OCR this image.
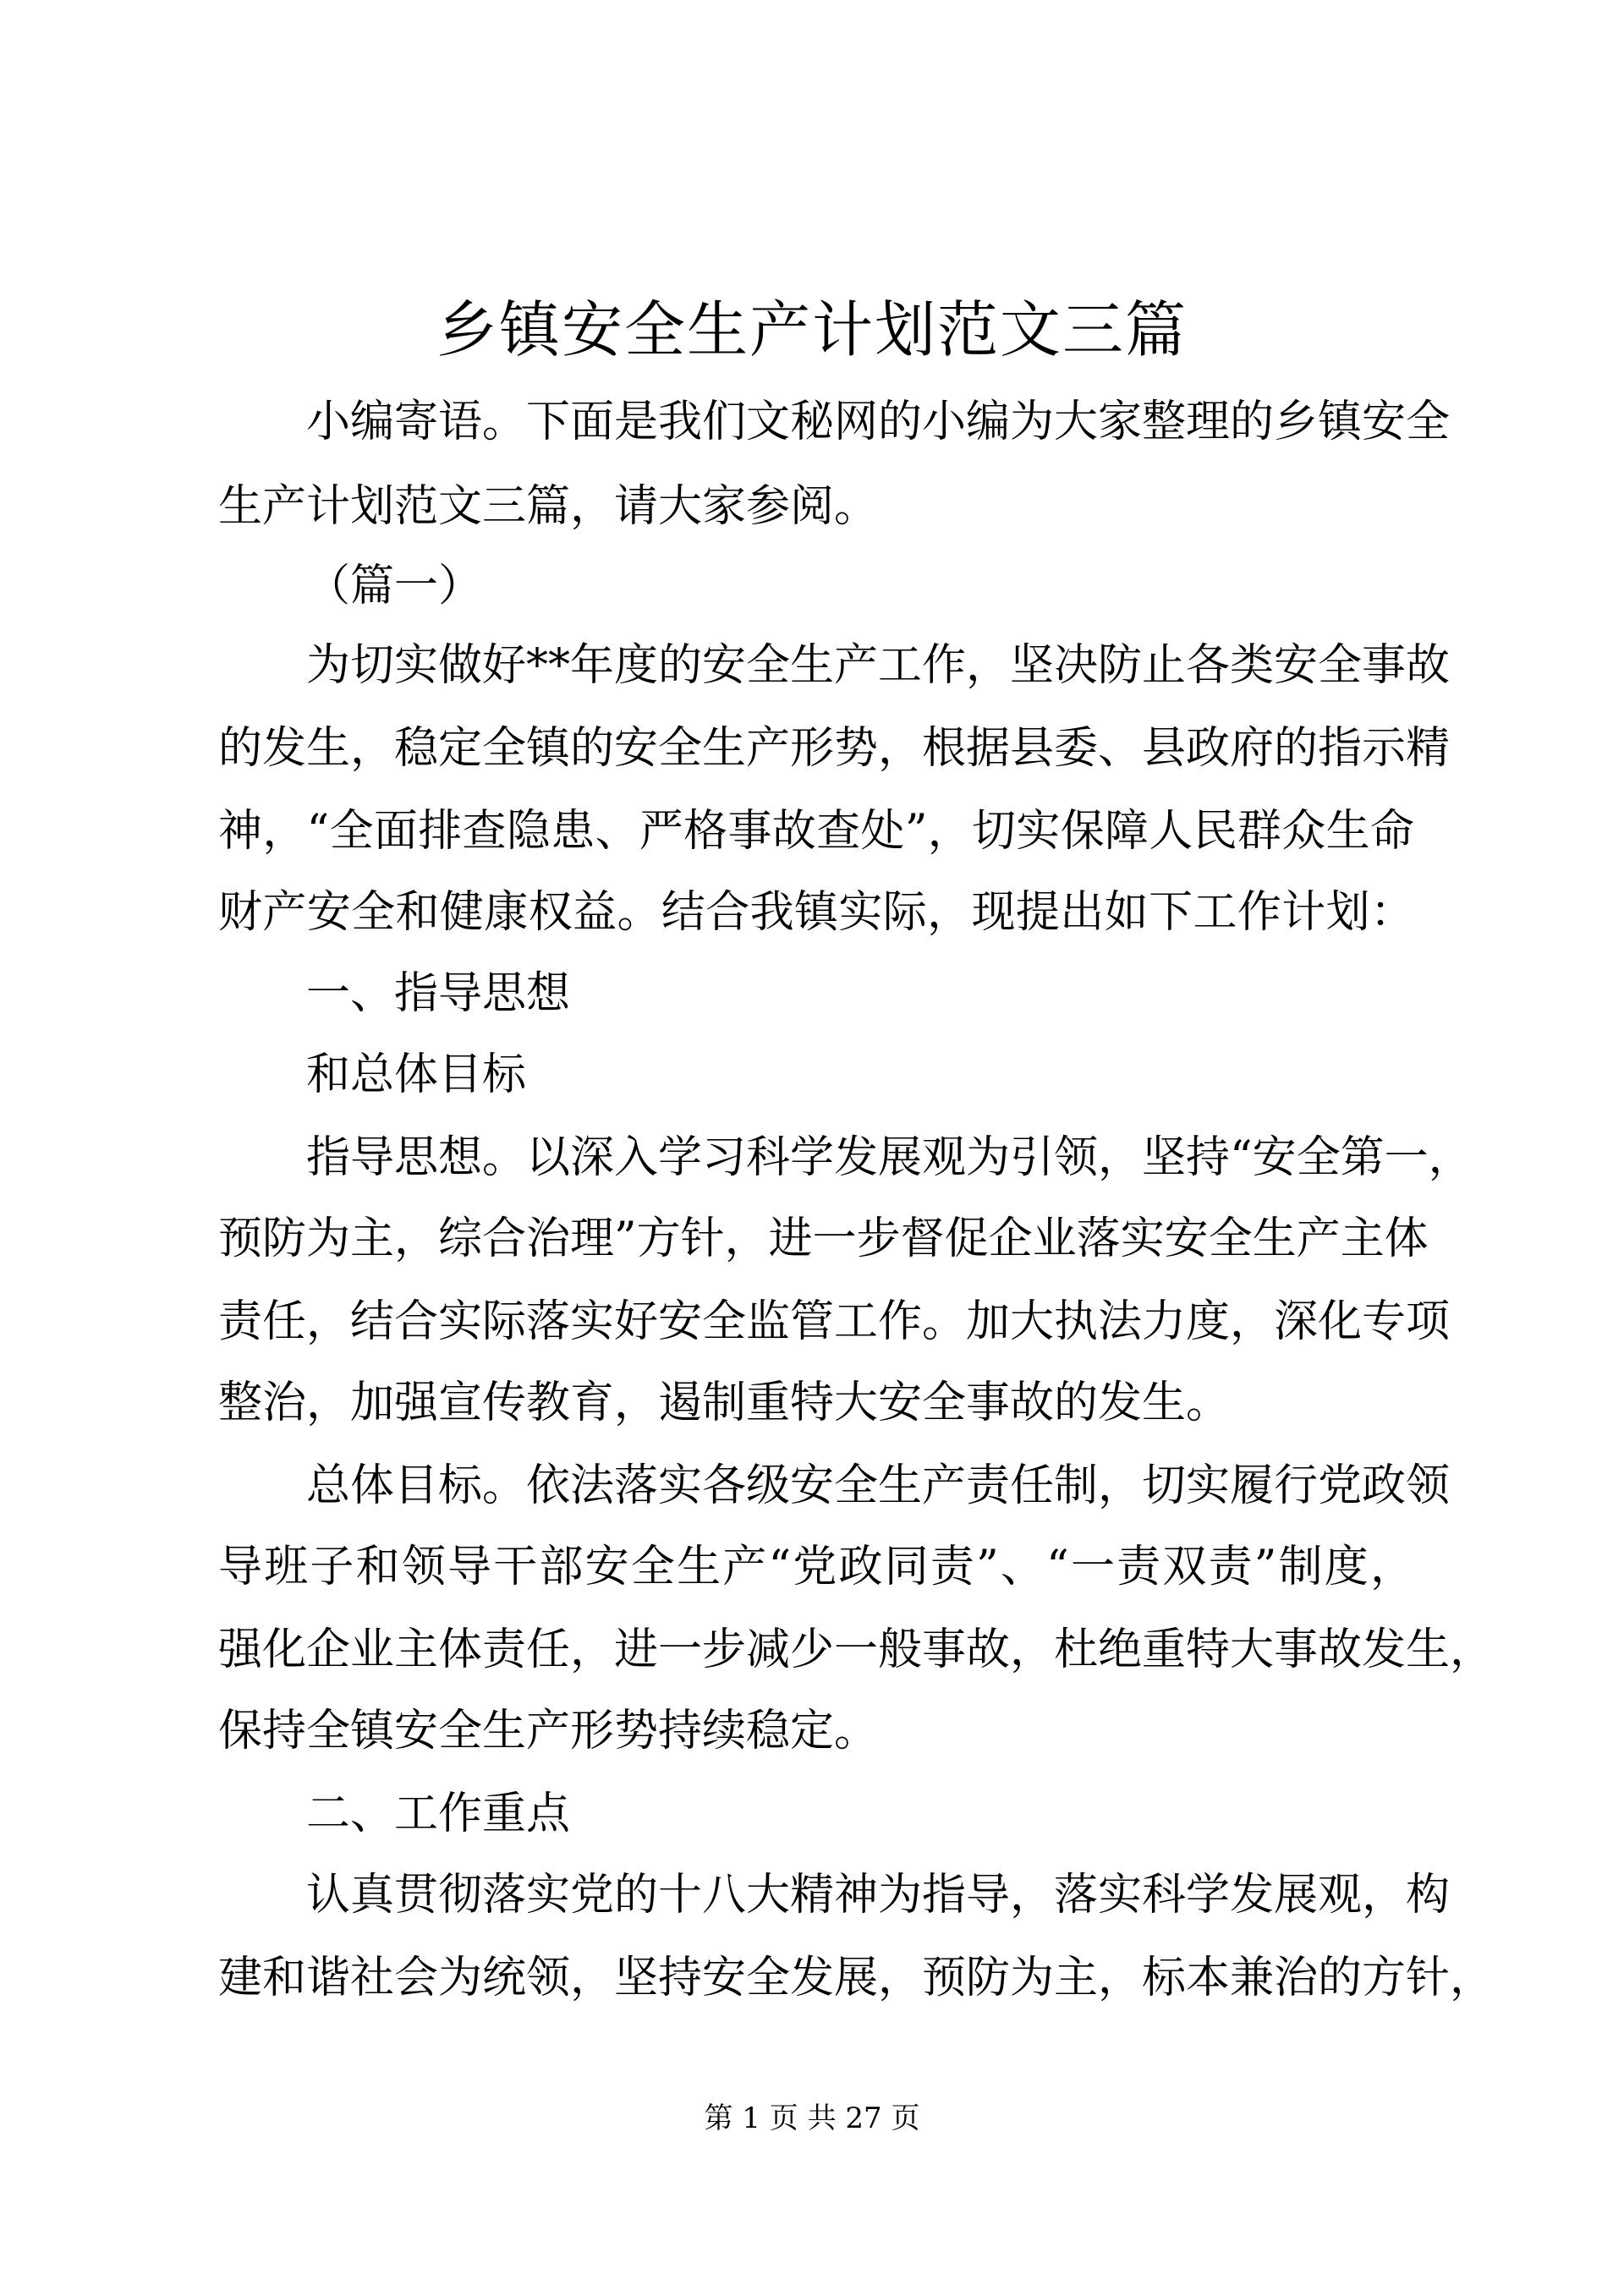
乡镇安全生产计划范文三篇

小编寄语。下面是我们文秘网的小编为大家整理的乡镇安全

生产计划范文三篇，请大家参阅。

（篇一）

为切实做好**年度的安全生产工作，坚决防止各类安全事故

的发生，稳定全镇的安全生产形势，根据县委、县政府的指示精

神，“全面排查隐患、严格事故查处”，切实保障人民群众生命

财产安全和健康权益。结合我镇实际，现提出如下工作计划：

一、指导思想

和总体目标

指导思想。以深入学习科学发展观为引领，坚持“安全第一，

预防为主，综合治理”方针，进一步督促企业落实安全生产主体

责任，结合实际落实好安全监管工作。加大执法力度，深化专项

整治，加强宣传教育，遏制重特大安全事故的发生。

总体目标。依法落实各级安全生产责任制，切实履行党政领

导班子和领导干部安全生产“党政同责”、“一责双责”制度，

强化企业主体责任，进一步减少一般事故，杜绝重特大事故发生，

保持全镇安全生产形势持续稳定。

二、工作重点

认真贯彻落实党的十八大精神为指导，落实科学发展观，构

建和谐社会为统领，坚持安全发展，预防为主，标本兼治的方针，

第 1 页 共 27 页
